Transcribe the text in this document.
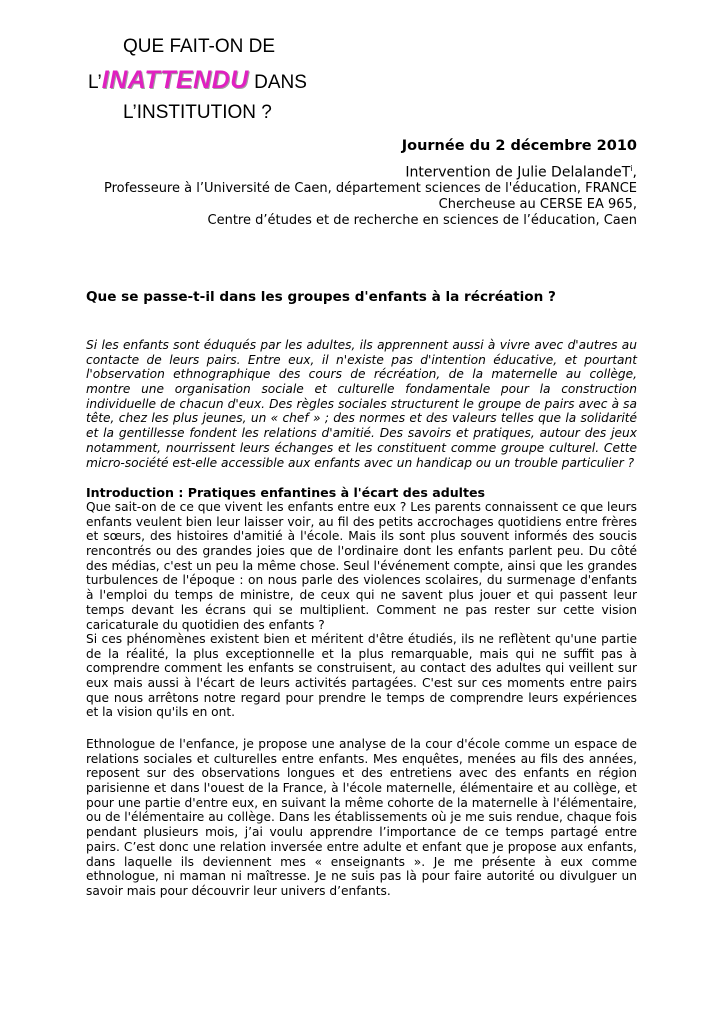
QUE FAIT-ON DE
L’INATTENDU DANS
L’INSTITUTION ?
Journée du 2 décembre 2010
Intervention de Julie DelalandeT$^i$,
Professeure à l’Université de Caen, département sciences de l'éducation, FRANCE
Chercheuse au CERSE EA 965,
Centre d’études et de recherche en sciences de l’éducation, Caen
Que se passe-t-il dans les groupes d'enfants à la récréation ?
Si les enfants sont éduqués par les adultes, ils apprennent aussi à vivre avec d'autres au
contacte de leurs pairs. Entre eux, il n'existe pas d'intention éducative, et pourtant
l'observation ethnographique des cours de récréation, de la maternelle au collège,
montre une organisation sociale et culturelle fondamentale pour la construction
individuelle de chacun d'eux. Des règles sociales structurent le groupe de pairs avec à sa
tête, chez les plus jeunes, un « chef » ; des normes et des valeurs telles que la solidarité
et la gentillesse fondent les relations d'amitié. Des savoirs et pratiques, autour des jeux
notamment, nourrissent leurs échanges et les constituent comme groupe culturel. Cette
micro-société est-elle accessible aux enfants avec un handicap ou un trouble particulier ?
Introduction : Pratiques enfantines à l'écart des adultes
Que sait-on de ce que vivent les enfants entre eux ? Les parents connaissent ce que leurs
enfants veulent bien leur laisser voir, au fil des petits accrochages quotidiens entre frères
et sœurs, des histoires d'amitié à l'école. Mais ils sont plus souvent informés des soucis
rencontrés ou des grandes joies que de l'ordinaire dont les enfants parlent peu. Du côté
des médias, c'est un peu la même chose. Seul l'événement compte, ainsi que les grandes
turbulences de l'époque : on nous parle des violences scolaires, du surmenage d'enfants
à l'emploi du temps de ministre, de ceux qui ne savent plus jouer et qui passent leur
temps devant les écrans qui se multiplient. Comment ne pas rester sur cette vision
caricaturale du quotidien des enfants ?
Si ces phénomènes existent bien et méritent d'être étudiés, ils ne reflètent qu'une partie
de la réalité, la plus exceptionnelle et la plus remarquable, mais qui ne suffit pas à
comprendre comment les enfants se construisent, au contact des adultes qui veillent sur
eux mais aussi à l'écart de leurs activités partagées. C'est sur ces moments entre pairs
que nous arrêtons notre regard pour prendre le temps de comprendre leurs expériences
et la vision qu'ils en ont.
Ethnologue de l'enfance, je propose une analyse de la cour d'école comme un espace de
relations sociales et culturelles entre enfants. Mes enquêtes, menées au fils des années,
reposent sur des observations longues et des entretiens avec des enfants en région
parisienne et dans l'ouest de la France, à l'école maternelle, élémentaire et au collège, et
pour une partie d'entre eux, en suivant la même cohorte de la maternelle à l'élémentaire,
ou de l'élémentaire au collège. Dans les établissements où je me suis rendue, chaque fois
pendant plusieurs mois, j’ai voulu apprendre l’importance de ce temps partagé entre
pairs. C’est donc une relation inversée entre adulte et enfant que je propose aux enfants,
dans laquelle ils deviennent mes « enseignants ». Je me présente à eux comme
ethnologue, ni maman ni maîtresse. Je ne suis pas là pour faire autorité ou divulguer un
savoir mais pour découvrir leur univers d’enfants.
